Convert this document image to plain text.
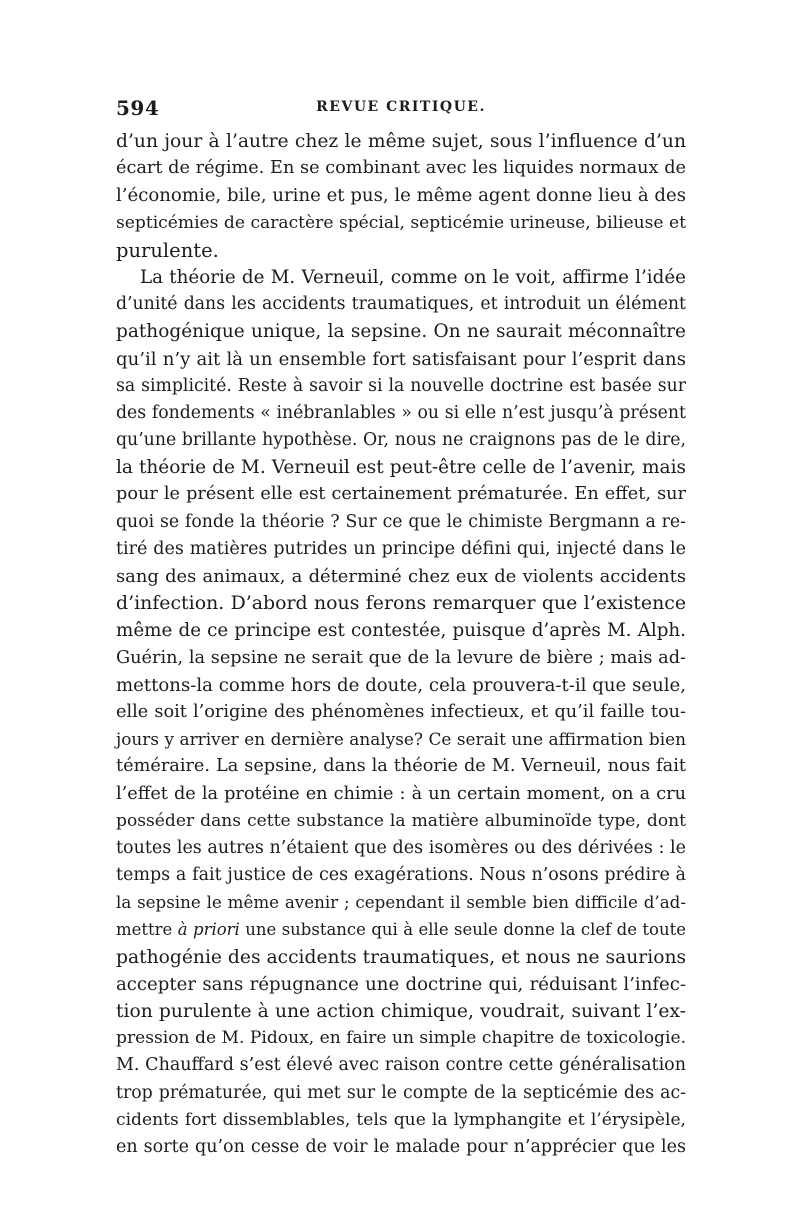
594	REVUE CRITIQUE.
d’un jour à l’autre chez le même sujet, sous l’influence d’un
écart de régime. En se combinant avec les liquides normaux de
l’économie, bile, urine et pus, le même agent donne lieu à des
septicémies de caractère spécial, septicémie urineuse, bilieuse et
purulente.
La théorie de M. Verneuil, comme on le voit, affirme l’idée
d’unité dans les accidents traumatiques, et introduit un élément
pathogénique unique, la sepsine. On ne saurait méconnaître
qu’il n’y ait là un ensemble fort satisfaisant pour l’esprit dans
sa simplicité. Reste à savoir si la nouvelle doctrine est basée sur
des fondements « inébranlables » ou si elle n’est jusqu’à présent
qu’une brillante hypothèse. Or, nous ne craignons pas de le dire,
la théorie de M. Verneuil est peut-être celle de l’avenir, mais
pour le présent elle est certainement prématurée. En effet, sur
quoi se fonde la théorie ? Sur ce que le chimiste Bergmann a re-
tiré des matières putrides un principe défini qui, injecté dans le
sang des animaux, a déterminé chez eux de violents accidents
d’infection. D’abord nous ferons remarquer que l’existence
même de ce principe est contestée, puisque d’après M. Alph.
Guérin, la sepsine ne serait que de la levure de bière ; mais ad-
mettons-la comme hors de doute, cela prouvera-t-il que seule,
elle soit l’origine des phénomènes infectieux, et qu’il faille tou-
jours y arriver en dernière analyse? Ce serait une affirmation bien
téméraire. La sepsine, dans la théorie de M. Verneuil, nous fait
l’effet de la protéine en chimie : à un certain moment, on a cru
posséder dans cette substance la matière albuminoïde type, dont
toutes les autres n’étaient que des isomères ou des dérivées : le
temps a fait justice de ces exagérations. Nous n’osons prédire à
la sepsine le même avenir ; cependant il semble bien difficile d’ad-
mettre à priori une substance qui à elle seule donne la clef de toute
pathogénie des accidents traumatiques, et nous ne saurions
accepter sans répugnance une doctrine qui, réduisant l’infec-
tion purulente à une action chimique, voudrait, suivant l’ex-
pression de M. Pidoux, en faire un simple chapitre de toxicologie.
M. Chauffard s’est élevé avec raison contre cette généralisation
trop prématurée, qui met sur le compte de la septicémie des ac-
cidents fort dissemblables, tels que la lymphangite et l’érysipèle,
en sorte qu’on cesse de voir le malade pour n’apprécier que les
